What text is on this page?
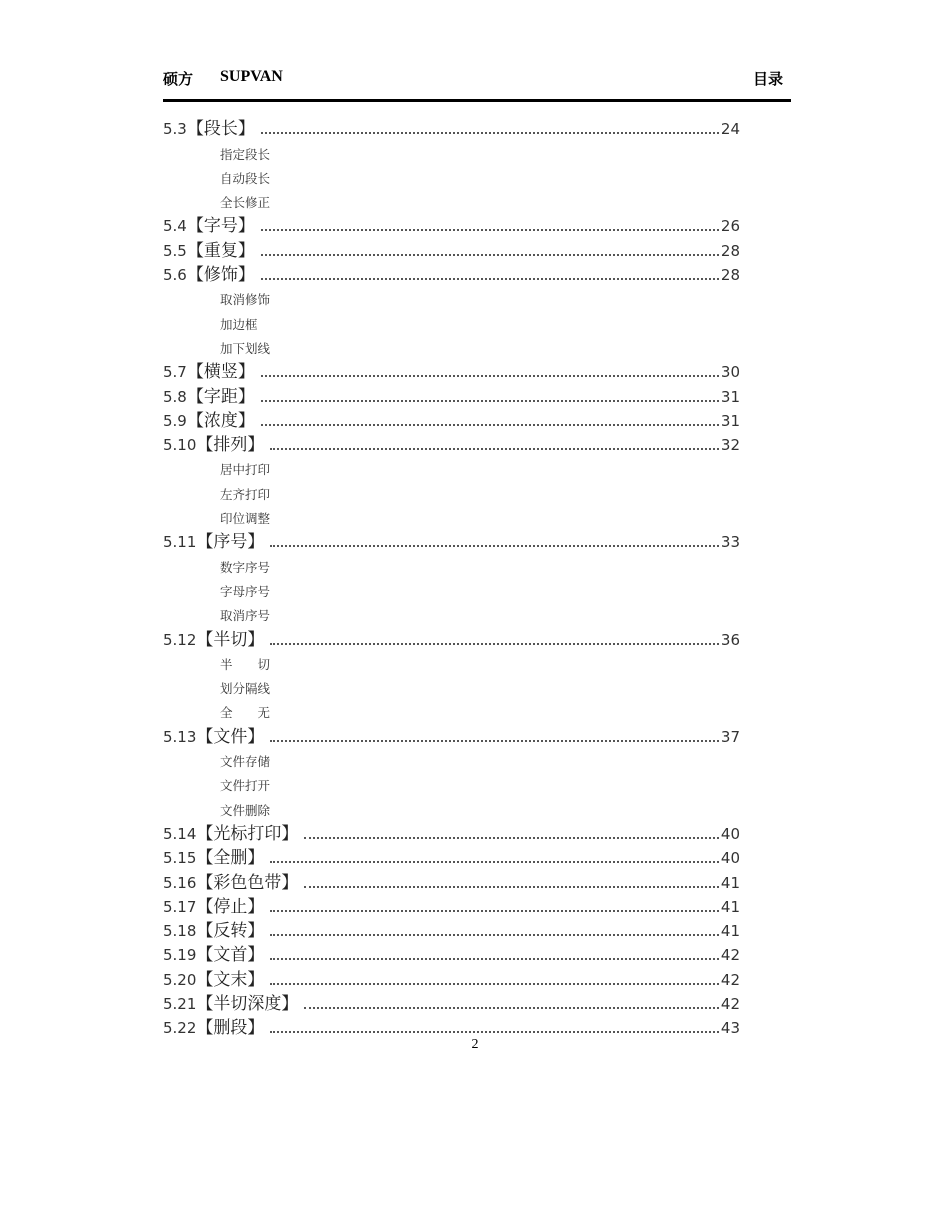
硕方 SUPVAN	目录
5.3 【段长】	24
指定段长
自动段长
全长修正
5.4 【字号】	26
5.5 【重复】	28
5.6 【修饰】	28
取消修饰
加边框
加下划线
5.7 【横竖】	30
5.8 【字距】	31
5.9 【浓度】	31
5.10 【排列】	32
居中打印
左齐打印
印位调整
5.11 【序号】	33
数字序号
字母序号
取消序号
5.12 【半切】	36
半　　切
划分隔线
全　　无
5.13 【文件】	37
文件存储
文件打开
文件删除
5.14 【光标打印】	40
5.15 【全删】	40
5.16 【彩色色带】	41
5.17 【停止】	41
5.18 【反转】	41
5.19 【文首】	42
5.20 【文末】	42
5.21 【半切深度】	42
5.22 【删段】	43
2
